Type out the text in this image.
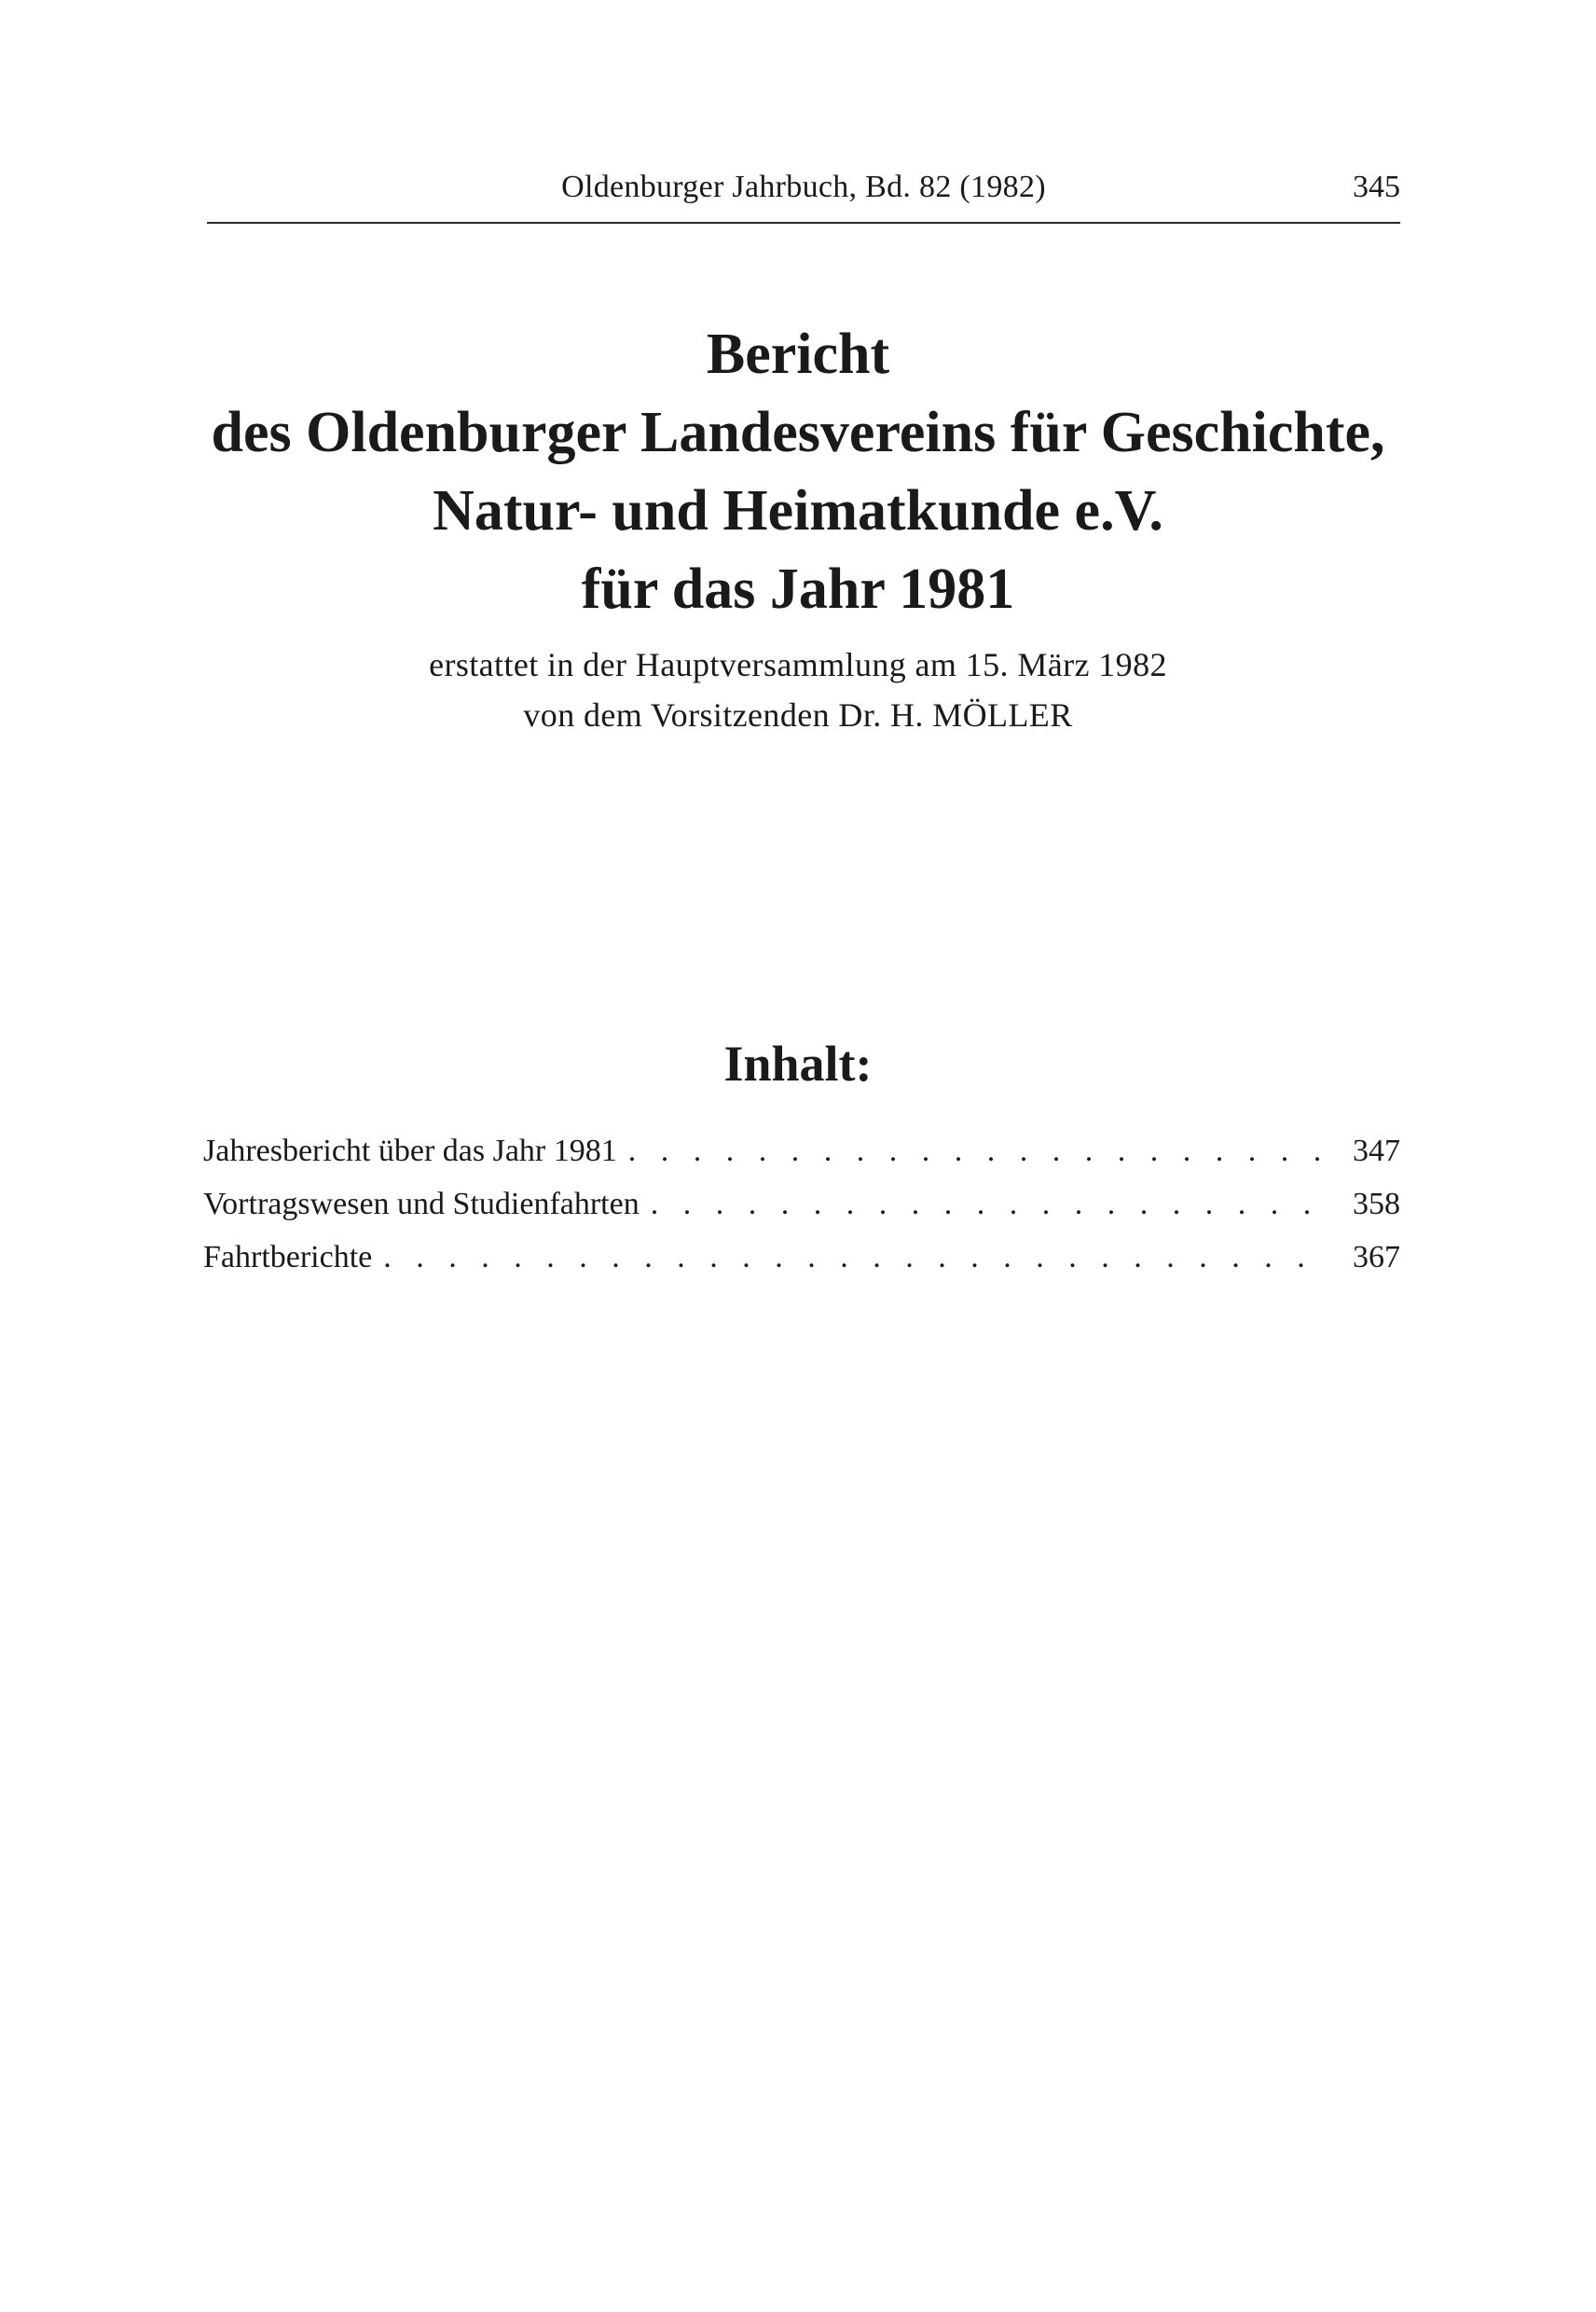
Oldenburger Jahrbuch, Bd. 82 (1982)	345
Bericht
des Oldenburger Landesvereins für Geschichte,
Natur- und Heimatkunde e.V.
für das Jahr 1981
erstattet in der Hauptversammlung am 15. März 1982
von dem Vorsitzenden Dr. H. MÖLLER
Inhalt:
Jahresbericht über das Jahr 1981 . . .	347
Vortragswesen und Studienfahrten . . .	358
Fahrtberichte . . .	367
